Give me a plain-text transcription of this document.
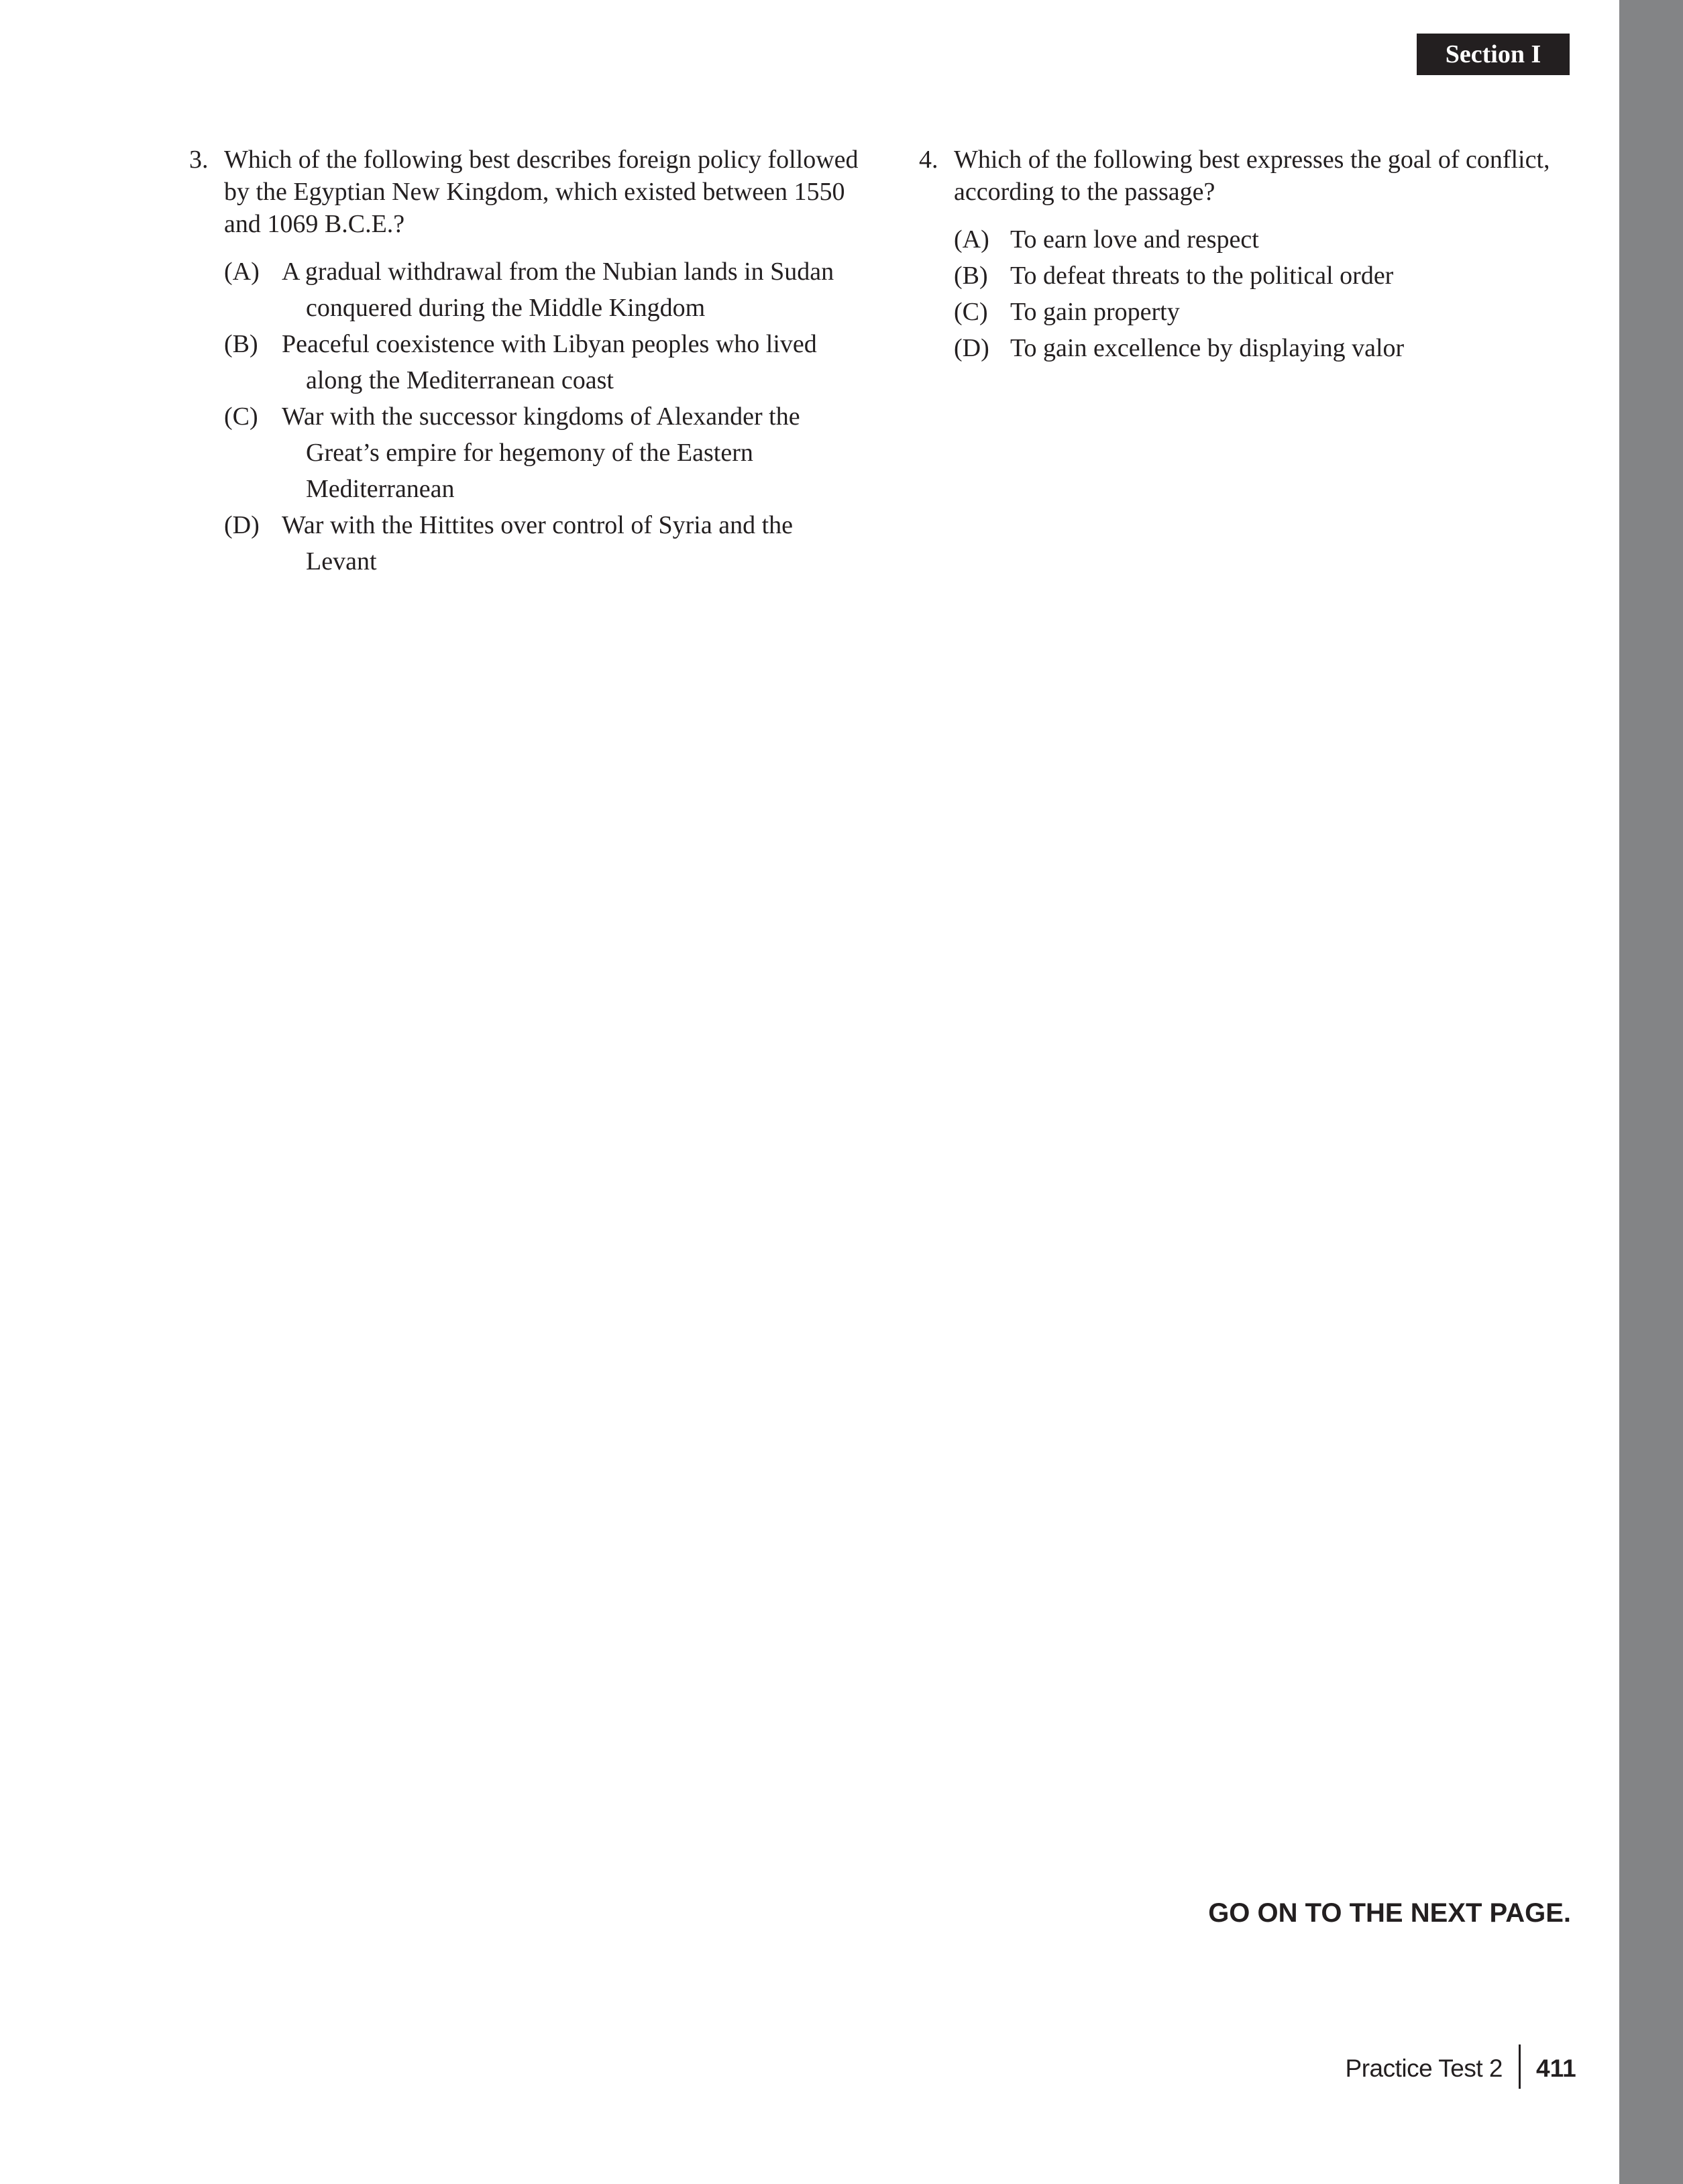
Section I
3. Which of the following best describes foreign policy followed by the Egyptian New Kingdom, which existed between 1550 and 1069 B.C.E.?
(A) A gradual withdrawal from the Nubian lands in Sudan conquered during the Middle Kingdom
(B) Peaceful coexistence with Libyan peoples who lived along the Mediterranean coast
(C) War with the successor kingdoms of Alexander the Great’s empire for hegemony of the Eastern Mediterranean
(D) War with the Hittites over control of Syria and the Levant
4. Which of the following best expresses the goal of conflict, according to the passage?
(A) To earn love and respect
(B) To defeat threats to the political order
(C) To gain property
(D) To gain excellence by displaying valor
GO ON TO THE NEXT PAGE.
Practice Test 2 411
